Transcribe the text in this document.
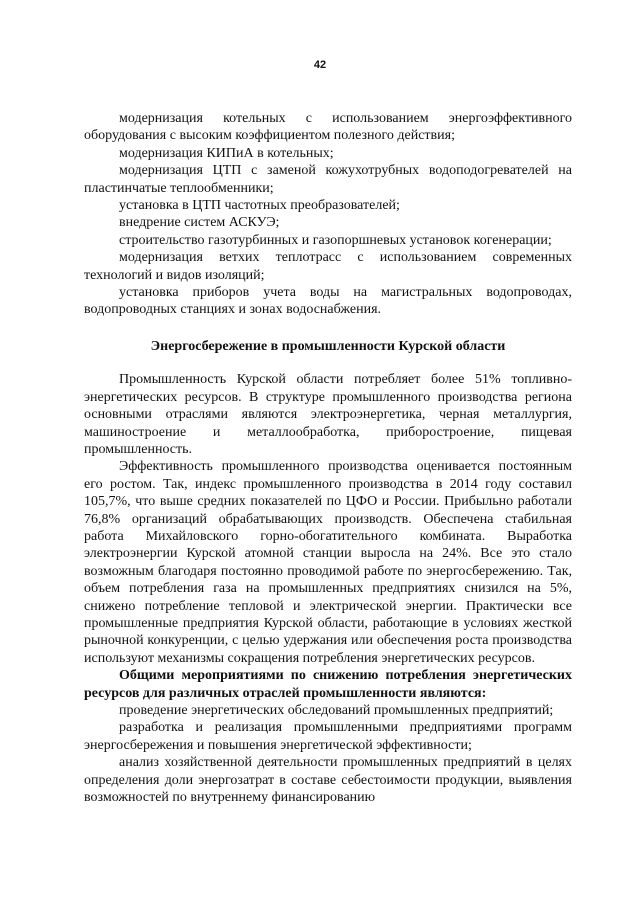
42

модернизация котельных с использованием энергоэффективного оборудования с высоким коэффициентом полезного действия;

модернизация КИПиА в котельных;

модернизация ЦТП с заменой кожухотрубных водоподогревателей на пластинчатые теплообменники;

установка в ЦТП частотных преобразователей;

внедрение систем АСКУЭ;

строительство газотурбинных и газопоршневых установок когенерации;

модернизация ветхих теплотрасс с использованием современных технологий и видов изоляций;

установка приборов учета воды на магистральных водопроводах, водопроводных станциях и зонах водоснабжения.

Энергосбережение в промышленности Курской области

Промышленность Курской области потребляет более 51% топливно-энергетических ресурсов. В структуре промышленного производства региона основными отраслями являются электроэнергетика, черная металлургия, машиностроение и металлообработка, приборостроение, пищевая промышленность.

Эффективность промышленного производства оценивается постоянным его ростом. Так, индекс промышленного производства в 2014 году составил 105,7%, что выше средних показателей по ЦФО и России. Прибыльно работали 76,8% организаций обрабатывающих производств. Обеспечена стабильная работа Михайловского горно-обогатительного комбината. Выработка электроэнергии Курской атомной станции выросла на 24%. Все это стало возможным благодаря постоянно проводимой работе по энергосбережению. Так, объем потребления газа на промышленных предприятиях снизился на 5%, снижено потребление тепловой и электрической энергии. Практически все промышленные предприятия Курской области, работающие в условиях жесткой рыночной конкуренции, с целью удержания или обеспечения роста производства используют механизмы сокращения потребления энергетических ресурсов.

Общими мероприятиями по снижению потребления энергетических ресурсов для различных отраслей промышленности являются:

проведение энергетических обследований промышленных предприятий;

разработка и реализация промышленными предприятиями программ энергосбережения и повышения энергетической эффективности;

анализ хозяйственной деятельности промышленных предприятий в целях определения доли энергозатрат в составе себестоимости продукции, выявления возможностей по внутреннему финансированию
